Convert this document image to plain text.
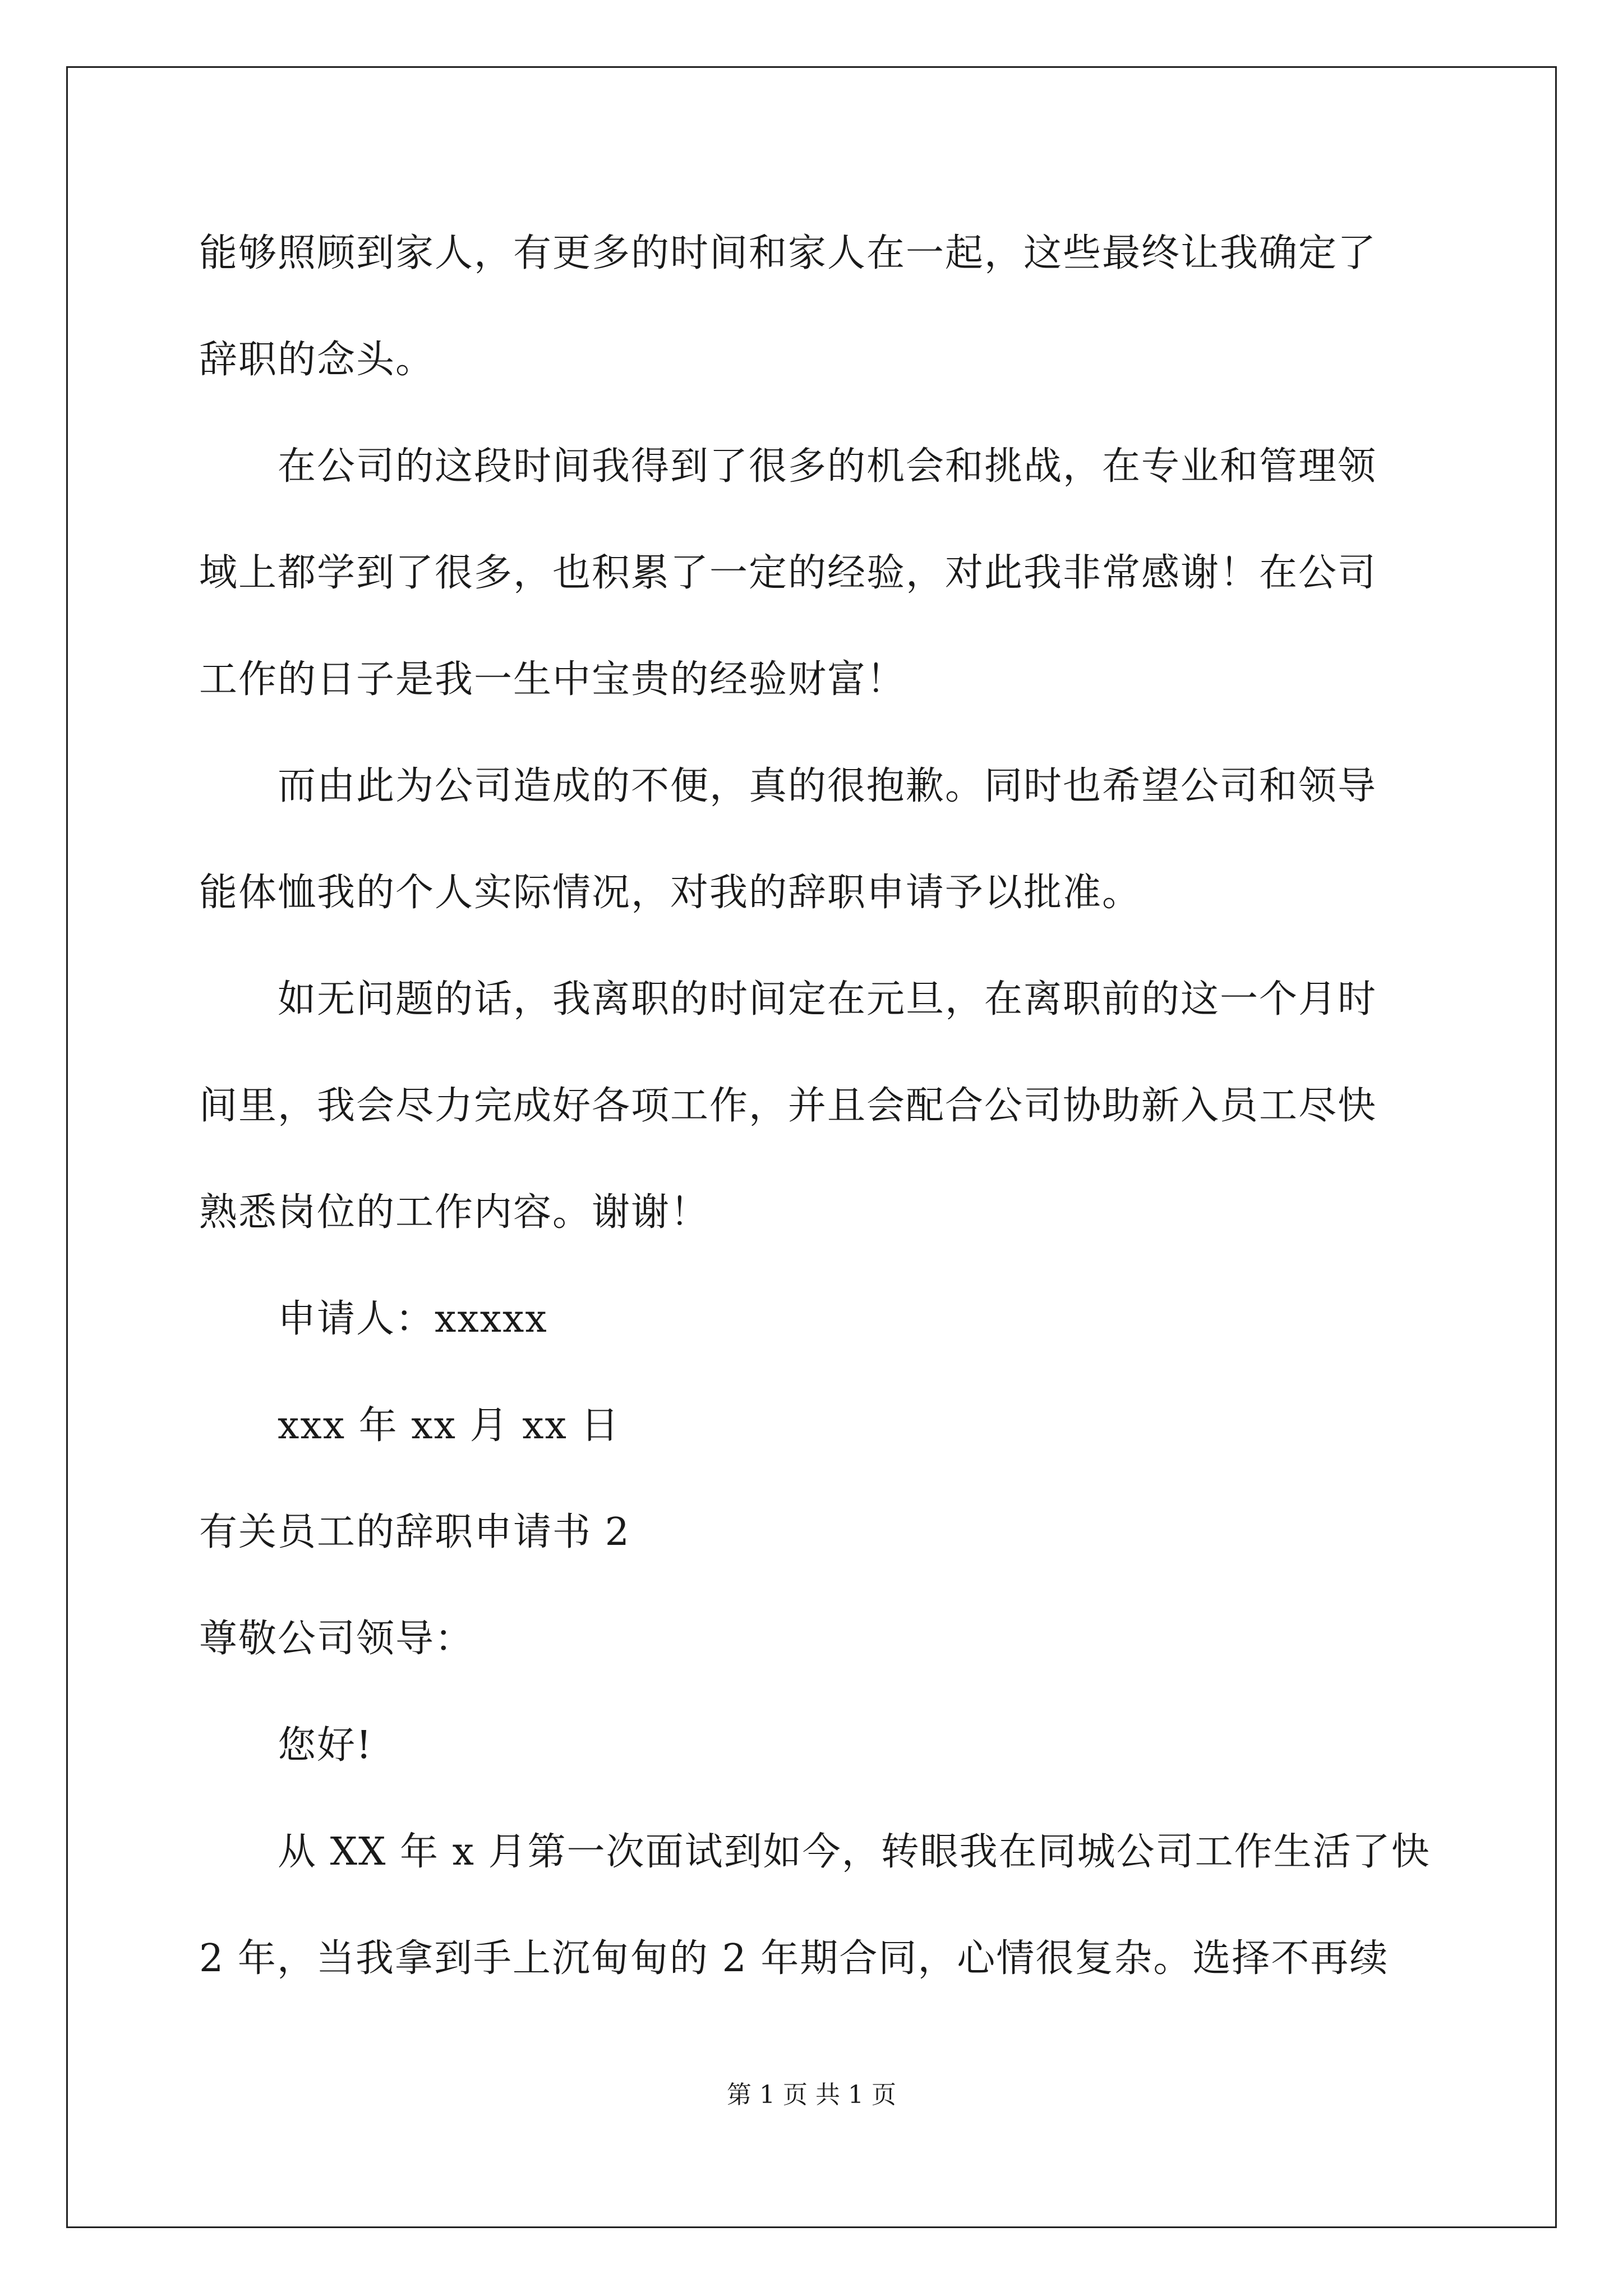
能够照顾到家人，有更多的时间和家人在一起，这些最终让我确定了
辞职的念头。
在公司的这段时间我得到了很多的机会和挑战，在专业和管理领
域上都学到了很多，也积累了一定的经验，对此我非常感谢！在公司
工作的日子是我一生中宝贵的经验财富！
而由此为公司造成的不便，真的很抱歉。同时也希望公司和领导
能体恤我的个人实际情况，对我的辞职申请予以批准。
如无问题的话，我离职的时间定在元旦，在离职前的这一个月时
间里，我会尽力完成好各项工作，并且会配合公司协助新入员工尽快
熟悉岗位的工作内容。谢谢！
申请人：xxxxx
xxx 年 xx 月 xx 日
有关员工的辞职申请书 2
尊敬公司领导：
您好!
从 XX 年 x 月第一次面试到如今，转眼我在同城公司工作生活了快
2 年，当我拿到手上沉甸甸的 2 年期合同，心情很复杂。选择不再续
第 1 页 共 1 页
